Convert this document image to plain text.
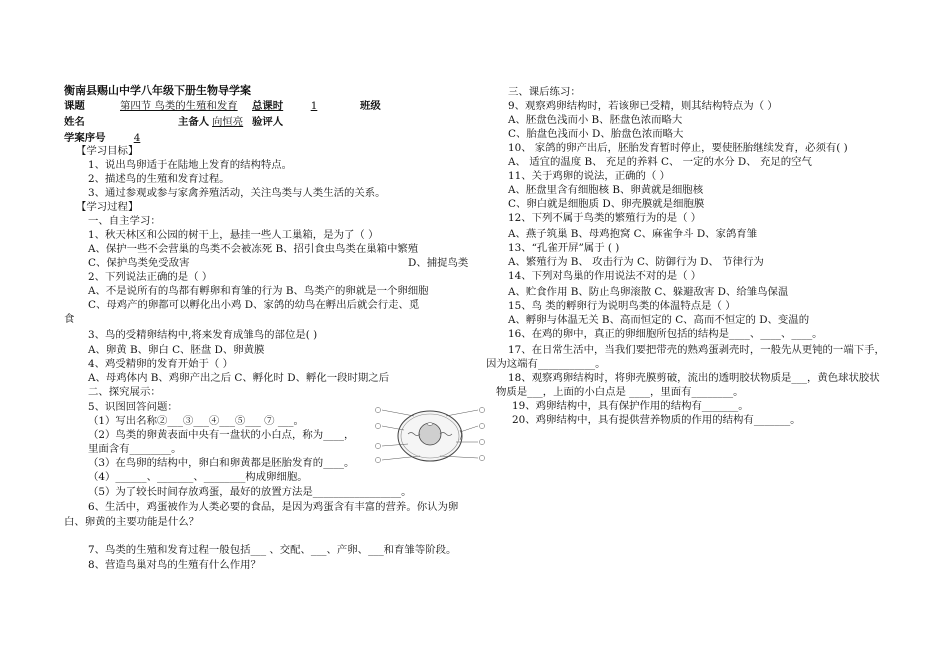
衡南县赐山中学八年级下册生物导学案
课题	第四节 鸟类的生殖和发育 总课时	1	班级
姓名	主备人 向恒亮 验评人
学案序号	4
【学习目标】
1、说出鸟卵适于在陆地上发育的结构特点。
2、描述鸟的生殖和发育过程。
3、通过参观或参与家禽养殖活动，关注鸟类与人类生活的关系。
【学习过程】
一、自主学习：
1、秋天林区和公园的树干上，悬挂一些人工巢箱，是为了（ ）
A、保护一些不会营巢的鸟类不会被冻死 B、招引食虫鸟类在巢箱中繁殖
C、保护鸟类免受敌害	D、捕捉鸟类
2、下列说法正确的是（ ）
A、不是说所有的鸟都有孵卵和育雏的行为 B、鸟类产的卵就是一个卵细胞
C、母鸡产的卵都可以孵化出小鸡 D、家鸽的幼鸟在孵出后就会行走、觅
食
3、鸟的受精卵结构中,将来发育成雏鸟的部位是( )
A、卵黄 B、卵白 C、胚盘 D、卵黄膜
4、鸡受精卵的发育开始于（ ）
A、母鸡体内 B、鸡卵产出之后 C、孵化时 D、孵化一段时期之后
二、探究展示：
5、识图回答问题：
（1）写出名称②___③___④___⑤___ ⑦ ___。
（2）鸟类的卵黄表面中央有一盘状的小白点，称为____，
里面含有________。
（3）在鸟卵的结构中，卵白和卵黄都是胚胎发育的____。
（4）______、_______、________构成卵细胞。
（5）为了较长时间存放鸡蛋，最好的放置方法是_________________。
6、生活中，鸡蛋被作为人类必要的食品，是因为鸡蛋含有丰富的营养。你认为卵
白、卵黄的主要功能是什么？
7、鸟类的生殖和发育过程一般包括___ 、交配、___、产卵、___和育雏等阶段。
8、营造鸟巢对鸟的生殖有什么作用？
三、课后练习：
9、观察鸡卵结构时，若该卵已受精，则其结构特点为（ ）
A、胚盘色浅而小 B、胚盘色浓而略大
C、胎盘色浅而小 D、胎盘色浓而略大
10、 家鸽的卵产出后，胚胎发育暂时停止，要使胚胎继续发育，必须有( )
A、 适宜的温度 B、 充足的养料 C、 一定的水分 D、 充足的空气
11、关于鸡卵的说法，正确的（ ）
A、胚盘里含有细胞核 B、卵黄就是细胞核
C、卵白就是细胞质 D、卵壳膜就是细胞膜
12、下列不属于鸟类的繁殖行为的是（ ）
A、燕子筑巢 B、母鸡抱窝 C、麻雀争斗 D、家鸽育雏
13、“孔雀开屏”属于 ( )
A、繁殖行为 B、 攻击行为 C、防御行为 D、 节律行为
14、下列对鸟巢的作用说法不对的是（ ）
A、贮食作用 B、防止鸟卵滚散 C、躲避敌害 D、给雏鸟保温
15、鸟 类的孵卵行为说明鸟类的体温特点是（ ）
A、孵卵与体温无关 B、高而恒定的 C、高而不恒定的 D、变温的
16、在鸡的卵中，真正的卵细胞所包括的结构是____、____、____。
17、在日常生活中，当我们要把带壳的熟鸡蛋剥壳时，一般先从更钝的一端下手，
因为这端有___________。
18、观察鸡卵结构时，将卵壳膜剪破，流出的透明胶状物质是___，黄色球状胶状
物质是___，上面的小白点是 ____，里面有________。
19、鸡卵结构中，具有保护作用的结构有_______。
20、鸡卵结构中，具有提供营养物质的作用的结构有_______。
